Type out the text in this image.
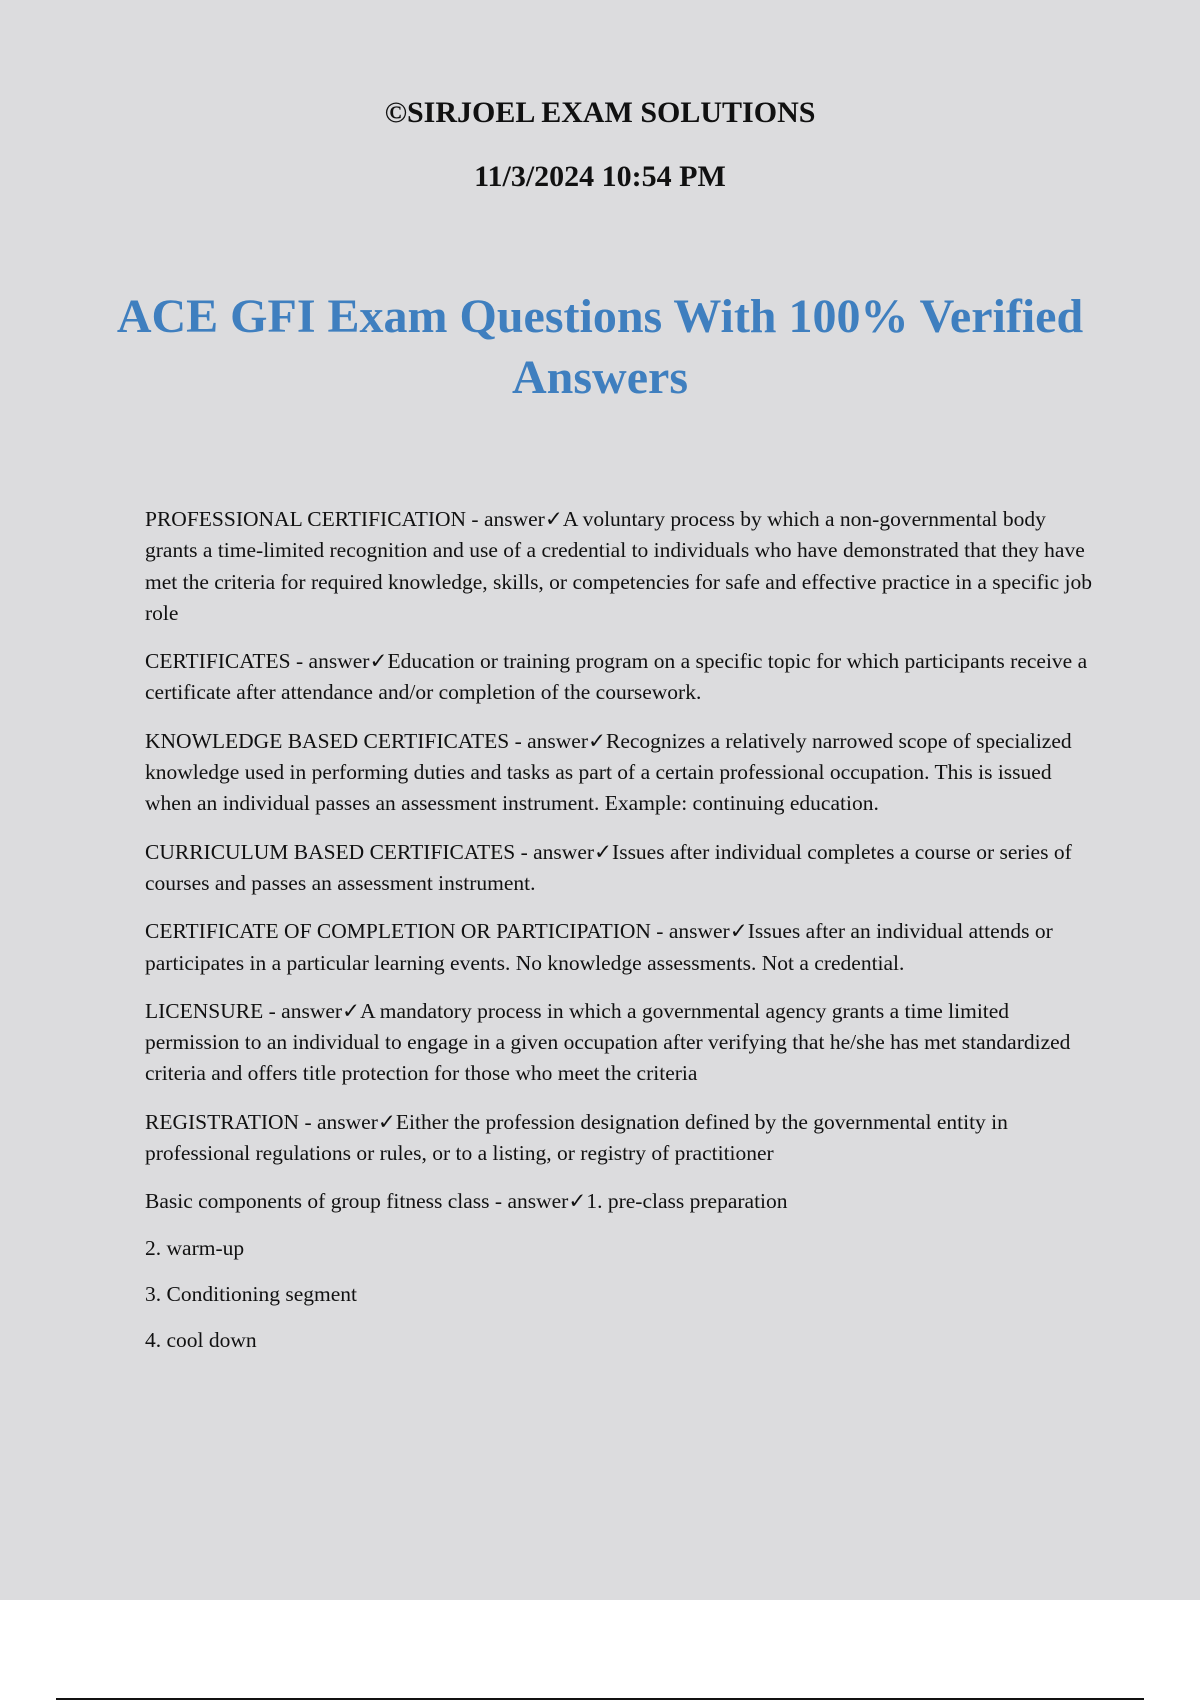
©SIRJOEL EXAM SOLUTIONS
11/3/2024 10:54 PM
ACE GFI Exam Questions With 100% Verified Answers

PROFESSIONAL CERTIFICATION - answer✓A voluntary process by which a non-governmental body grants a time-limited recognition and use of a credential to individuals who have demonstrated that they have met the criteria for required knowledge, skills, or competencies for safe and effective practice in a specific job role

CERTIFICATES - answer✓Education or training program on a specific topic for which participants receive a certificate after attendance and/or completion of the coursework.

KNOWLEDGE BASED CERTIFICATES - answer✓Recognizes a relatively narrowed scope of specialized knowledge used in performing duties and tasks as part of a certain professional occupation. This is issued when an individual passes an assessment instrument. Example: continuing education.

CURRICULUM BASED CERTIFICATES - answer✓Issues after individual completes a course or series of courses and passes an assessment instrument.

CERTIFICATE OF COMPLETION OR PARTICIPATION - answer✓Issues after an individual attends or participates in a particular learning events. No knowledge assessments. Not a credential.

LICENSURE - answer✓A mandatory process in which a governmental agency grants a time limited permission to an individual to engage in a given occupation after verifying that he/she has met standardized criteria and offers title protection for those who meet the criteria

REGISTRATION - answer✓Either the profession designation defined by the governmental entity in professional regulations or rules, or to a listing, or registry of practitioner

Basic components of group fitness class - answer✓1. pre-class preparation

2. warm-up

3. Conditioning segment

4. cool down
